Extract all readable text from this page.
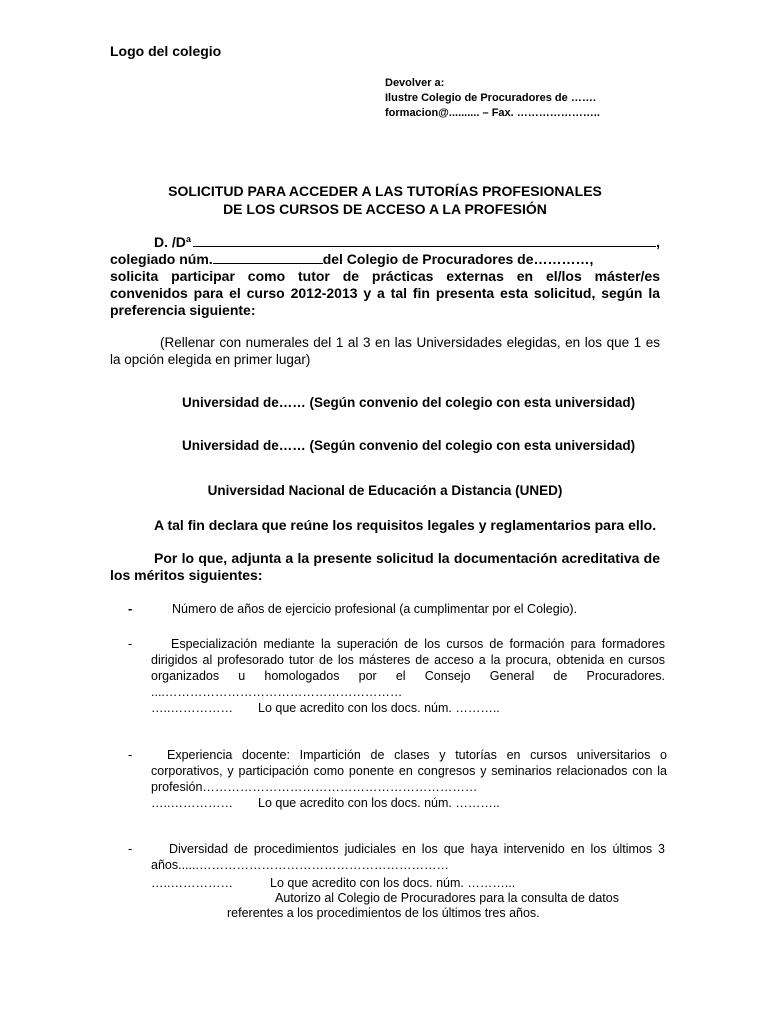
Logo del colegio
Devolver a:
Ilustre Colegio de Procuradores de …….
formacion@.......... – Fax. …………………..
SOLICITUD PARA ACCEDER A LAS TUTORÍAS PROFESIONALES
DE LOS CURSOS DE ACCESO A LA PROFESIÓN
D. /Dª	,
colegiado núm.	del Colegio de Procuradores de…………,
solicita participar como tutor de prácticas externas en el/los máster/es convenidos para el curso 2012-2013 y a tal fin presenta esta solicitud, según la preferencia siguiente:
(Rellenar con numerales del 1 al 3 en las Universidades elegidas, en los que 1 es la opción elegida en primer lugar)
Universidad de…… (Según convenio del colegio con esta universidad)
Universidad de…… (Según convenio del colegio con esta universidad)
Universidad Nacional de Educación a Distancia (UNED)
A tal fin declara que reúne los requisitos legales y reglamentarios para ello.
Por lo que, adjunta a la presente solicitud la documentación acreditativa de los méritos siguientes:
-	Número de años de ejercicio profesional (a cumplimentar por el Colegio).
-	Especialización mediante la superación de los cursos de formación para formadores dirigidos al profesorado tutor de los másteres de acceso a la procura, obtenida en cursos organizados u homologados por el Consejo General de Procuradores. ....…………………………………………………
…..…………… Lo que acredito con los docs. núm. ………..
-	Experiencia docente: Impartición de clases y tutorías en cursos universitarios o corporativos, y participación como ponente en congresos y seminarios relacionados con la profesión…………………………………………………………
…..…………… Lo que acredito con los docs. núm. ………..
-	Diversidad de procedimientos judiciales en los que haya intervenido en los últimos 3 años......……………………………………………………
…..……………	Lo que acredito con los docs. núm. ………...
Autorizo al Colegio de Procuradores para la consulta de datos
referentes a los procedimientos de los últimos tres años.
